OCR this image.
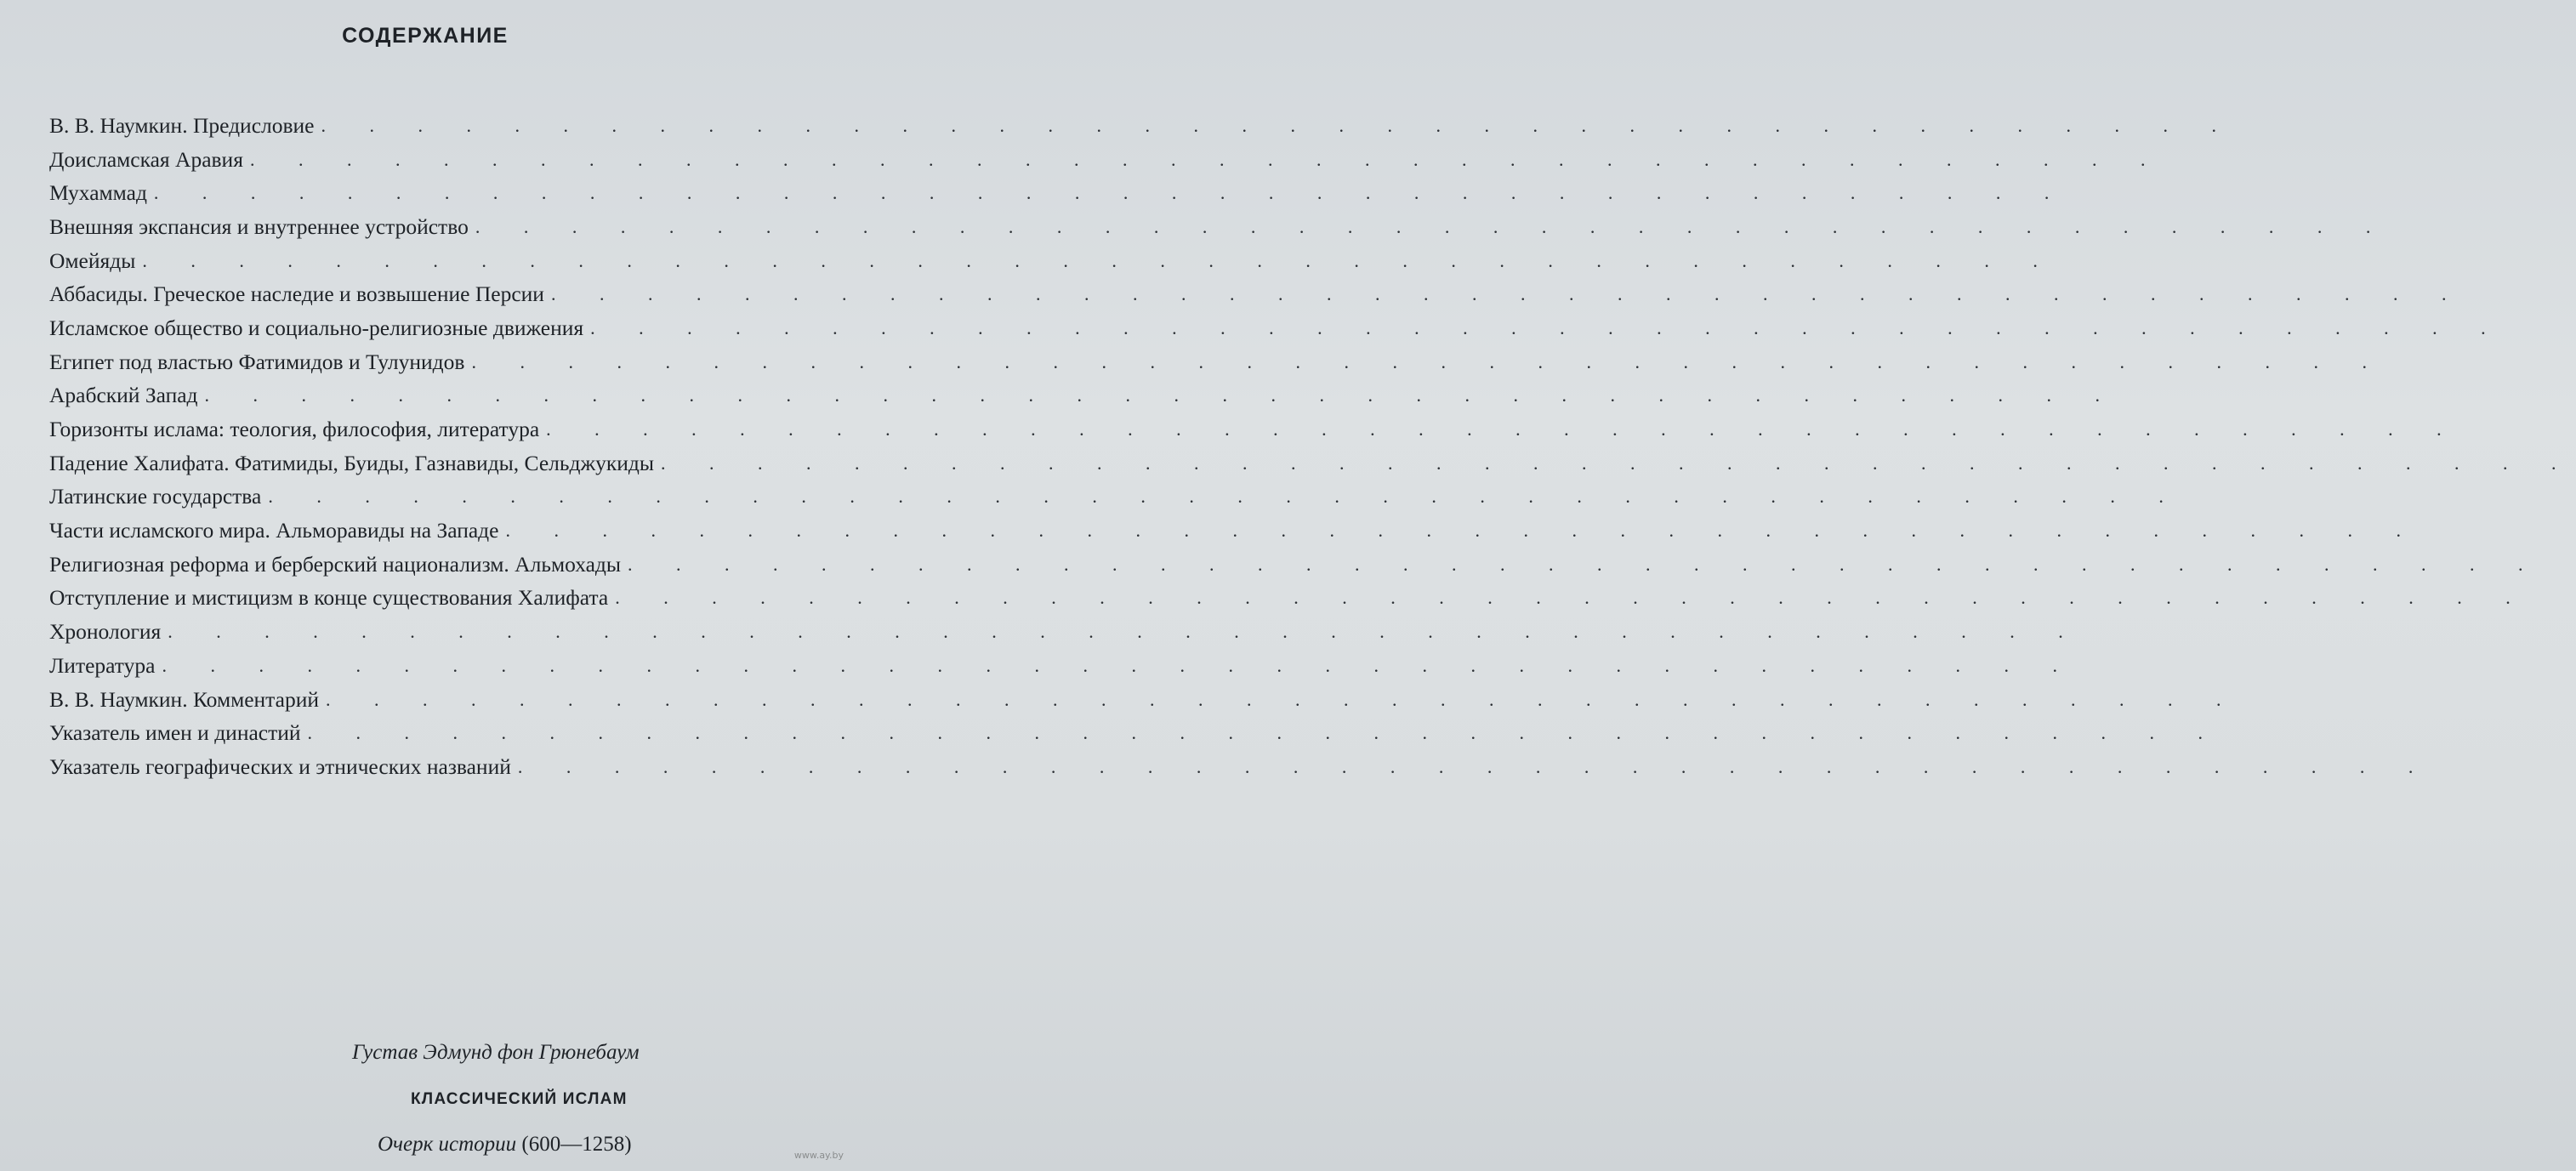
СОДЕРЖАНИЕ
В. В. Наумкин. Предисловие . . . . . . . . . . . . . . . . . . . . . . . . . . . . . . . . . . . . . . . .
Доисламская Аравия . . . . . . . . . . . . . . . . . . . . . . . . . . . . . . . . . . . . . . . .
Мухаммад . . . . . . . . . . . . . . . . . . . . . . . . . . . . . . . . . . . . . . . .
Внешняя экспансия и внутреннее устройство . . . . . . . . . . . . . . . . . . . . . . . . . . . . . . . . . . . . . . . .
Омейяды . . . . . . . . . . . . . . . . . . . . . . . . . . . . . . . . . . . . . . . .
Аббасиды. Греческое наследие и возвышение Персии . . . . . . . . . . . . . . . . . . . . . . . . . . . . . . . . . . . . . . . .
Исламское общество и социально-религиозные движения . . . . . . . . . . . . . . . . . . . . . . . . . . . . . . . . . . . . . . . .
Египет под властью Фатимидов и Тулунидов . . . . . . . . . . . . . . . . . . . . . . . . . . . . . . . . . . . . . . . .
Арабский Запад . . . . . . . . . . . . . . . . . . . . . . . . . . . . . . . . . . . . . . . .
Горизонты ислама: теология, философия, литература . . . . . . . . . . . . . . . . . . . . . . . . . . . . . . . . . . . . . . . .
Падение Халифата. Фатимиды, Буиды, Газнавиды, Сельджукиды . . . . . . . . . . . . . . . . . . . . . . . . . . . . . . . . . . . . . . . .
Латинские государства . . . . . . . . . . . . . . . . . . . . . . . . . . . . . . . . . . . . . . . .
Части исламского мира. Альморавиды на Западе . . . . . . . . . . . . . . . . . . . . . . . . . . . . . . . . . . . . . . . .
Религиозная реформа и берберский национализм. Альмохады . . . . . . . . . . . . . . . . . . . . . . . . . . . . . . . . . . . . . . . .
Отступление и мистицизм в конце существования Халифата . . . . . . . . . . . . . . . . . . . . . . . . . . . . . . . . . . . . . . . .
Хронология . . . . . . . . . . . . . . . . . . . . . . . . . . . . . . . . . . . . . . . .
Литература . . . . . . . . . . . . . . . . . . . . . . . . . . . . . . . . . . . . . . . .
В. В. Наумкин. Комментарий . . . . . . . . . . . . . . . . . . . . . . . . . . . . . . . . . . . . . . . .
Указатель имен и династий . . . . . . . . . . . . . . . . . . . . . . . . . . . . . . . . . . . . . . . .
Указатель географических и этнических названий . . . . . . . . . . . . . . . . . . . . . . . . . . . . . . . . . . . . . . . .
Густав Эдмунд фон Грюнебаум
КЛАССИЧЕСКИЙ ИСЛАМ
Очерк истории (600—1258)	www.ay.by
